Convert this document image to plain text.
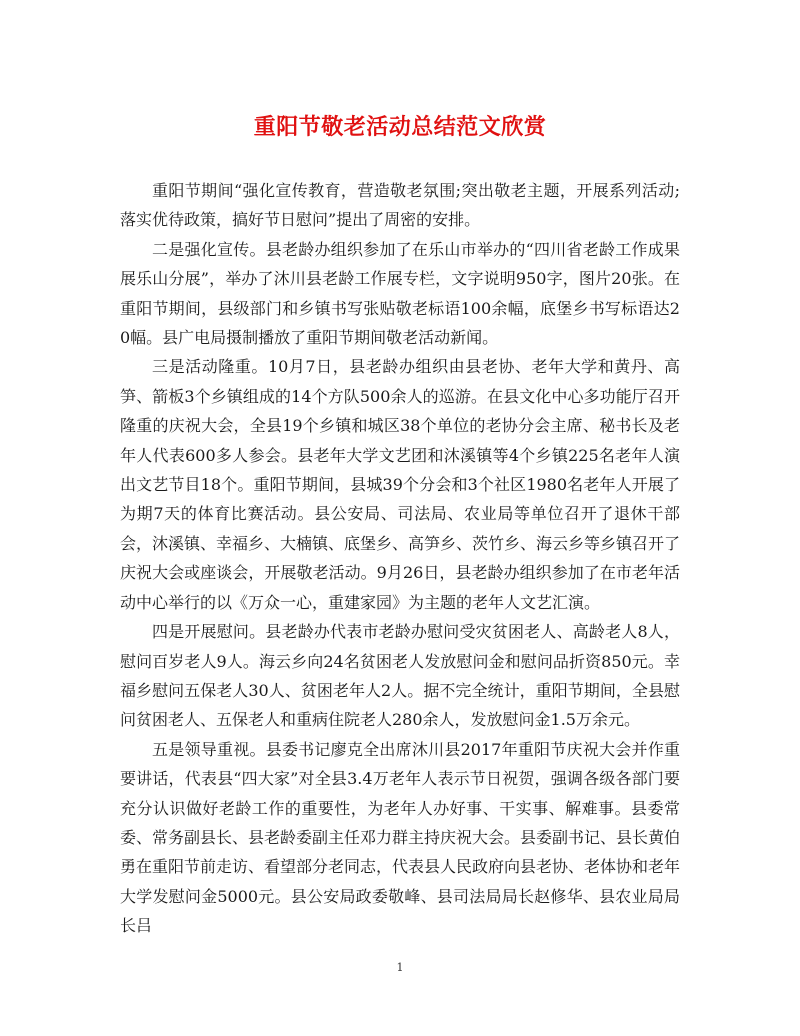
重阳节敬老活动总结范文欣赏

重阳节期间“强化宣传教育，营造敬老氛围;突出敬老主题，开展系列活动;落实优待政策，搞好节日慰问”提出了周密的安排。

二是强化宣传。县老龄办组织参加了在乐山市举办的“四川省老龄工作成果展乐山分展”，举办了沐川县老龄工作展专栏，文字说明950字，图片20张。在重阳节期间，县级部门和乡镇书写张贴敬老标语100余幅，底堡乡书写标语达20幅。县广电局摄制播放了重阳节期间敬老活动新闻。

三是活动隆重。10月7日，县老龄办组织由县老协、老年大学和黄丹、高笋、箭板3个乡镇组成的14个方队500余人的巡游。在县文化中心多功能厅召开隆重的庆祝大会，全县19个乡镇和城区38个单位的老协分会主席、秘书长及老年人代表600多人参会。县老年大学文艺团和沐溪镇等4个乡镇225名老年人演出文艺节目18个。重阳节期间，县城39个分会和3个社区1980名老年人开展了为期7天的体育比赛活动。县公安局、司法局、农业局等单位召开了退休干部会，沐溪镇、幸福乡、大楠镇、底堡乡、高笋乡、茨竹乡、海云乡等乡镇召开了庆祝大会或座谈会，开展敬老活动。9月26日，县老龄办组织参加了在市老年活动中心举行的以《万众一心，重建家园》为主题的老年人文艺汇演。

四是开展慰问。县老龄办代表市老龄办慰问受灾贫困老人、高龄老人8人，慰问百岁老人9人。海云乡向24名贫困老人发放慰问金和慰问品折资850元。幸福乡慰问五保老人30人、贫困老年人2人。据不完全统计，重阳节期间，全县慰问贫困老人、五保老人和重病住院老人280余人，发放慰问金1.5万余元。

五是领导重视。县委书记廖克全出席沐川县2017年重阳节庆祝大会并作重要讲话，代表县“四大家”对全县3.4万老年人表示节日祝贺，强调各级各部门要充分认识做好老龄工作的重要性，为老年人办好事、干实事、解难事。县委常委、常务副县长、县老龄委副主任邓力群主持庆祝大会。县委副书记、县长黄伯勇在重阳节前走访、看望部分老同志，代表县人民政府向县老协、老体协和老年大学发慰问金5000元。县公安局政委敬峰、县司法局局长赵修华、县农业局局长吕

1
